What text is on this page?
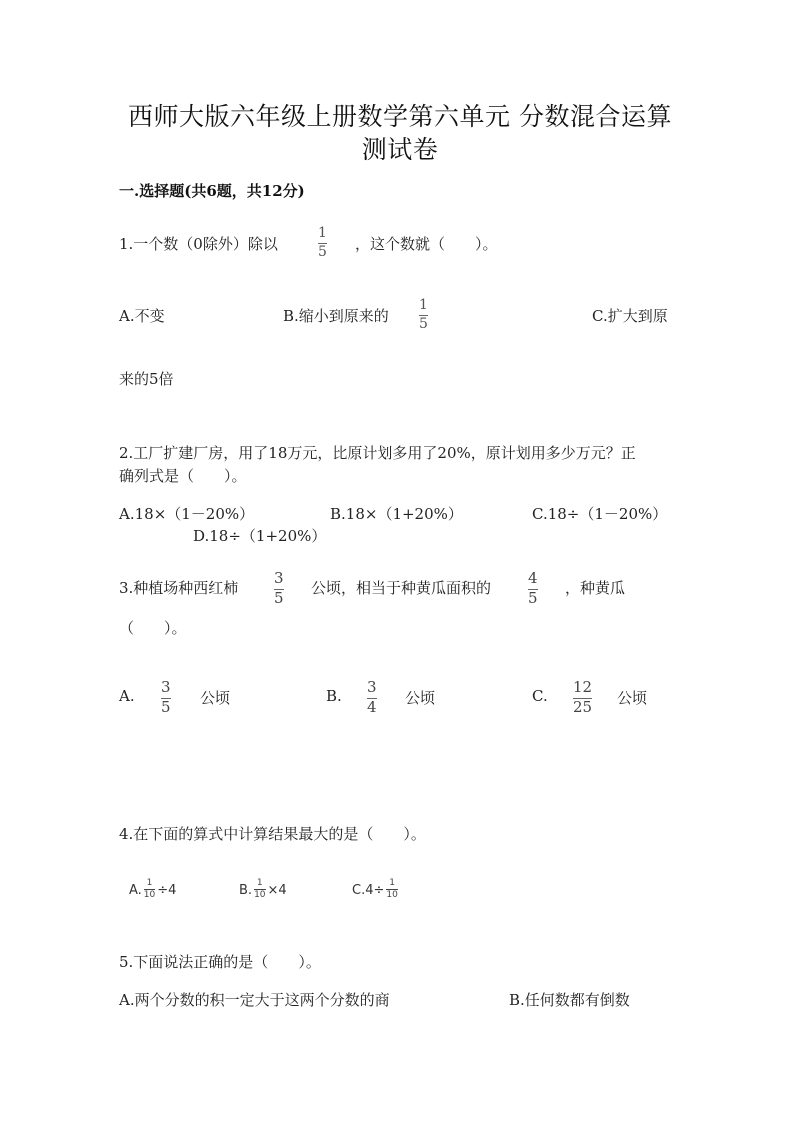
西师大版六年级上册数学第六单元 分数混合运算
测试卷
一.选择题(共6题，共12分)
1.一个数（0除外）除以
1
5 ，这个数就（　　）。
A.不变	B.缩小到原来的
1
5	C.扩大到原
来的5倍
2.工厂扩建厂房，用了18万元，比原计划多用了20%，原计划用多少万元？正
确列式是（　　）。
A.18×（1－20%）	B.18×（1+20%）	C.18÷（1－20%）
D.18÷（1+20%）
3.种植场种西红柿
3
5
公顷，相当于种黄瓜面积的
4
5
，种黄瓜
（　　）。
A. 3
5 公顷	B. 3
4 公顷	C. 12
25 公顷
4.在下面的算式中计算结果最大的是（　　）。
A. $\frac{1}{10} \div 4$	B. $\frac{1}{10} \times 4$	$C.4\div \frac{1}{10}$
5.下面说法正确的是（　　）。
A.两个分数的积一定大于这两个分数的商	B.任何数都有倒数
